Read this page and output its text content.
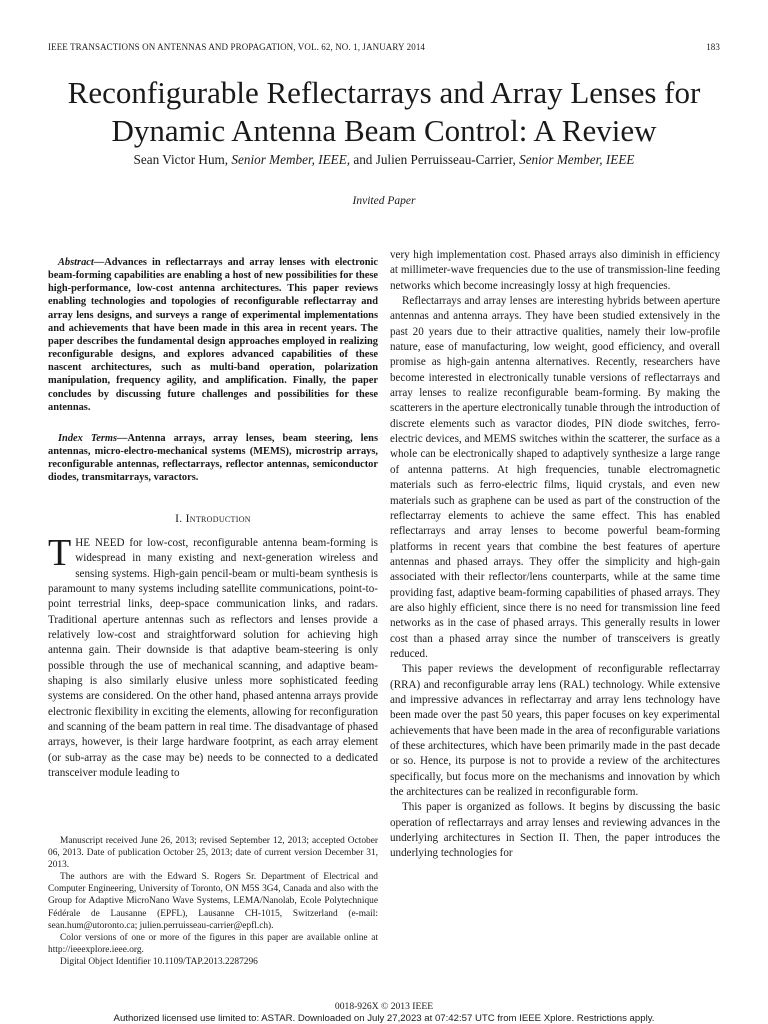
IEEE TRANSACTIONS ON ANTENNAS AND PROPAGATION, VOL. 62, NO. 1, JANUARY 2014	183
Reconfigurable Reflectarrays and Array Lenses for
Dynamic Antenna Beam Control: A Review
Sean Victor Hum, Senior Member, IEEE, and Julien Perruisseau-Carrier, Senior Member, IEEE
Invited Paper
Abstract—Advances in reflectarrays and array lenses with electronic beam-forming capabilities are enabling a host of new possibilities for these high-performance, low-cost antenna architectures. This paper reviews enabling technologies and topologies of reconfigurable reflectarray and array lens designs, and surveys a range of experimental implementations and achievements that have been made in this area in recent years. The paper describes the fundamental design approaches employed in realizing reconfigurable designs, and explores advanced capabilities of these nascent architectures, such as multi-band operation, polarization manipulation, frequency agility, and amplification. Finally, the paper concludes by discussing future challenges and possibilities for these antennas.
Index Terms—Antenna arrays, array lenses, beam steering, lens antennas, micro-electro-mechanical systems (MEMS), microstrip arrays, reconfigurable antennas, reflectarrays, reflector antennas, semiconductor diodes, transmitarrays, varactors.
I. Introduction

THE NEED for low-cost, reconfigurable antenna beam-forming is widespread in many existing and next-generation wireless and sensing systems. High-gain pencil-beam or multi-beam synthesis is paramount to many systems including satellite communications, point-to-point terrestrial links, deep-space communication links, and radars. Traditional aperture antennas such as reflectors and lenses provide a relatively low-cost and straightforward solution for achieving high antenna gain. Their downside is that adaptive beam-steering is only possible through the use of mechanical scanning, and adaptive beam-shaping is also similarly elusive unless more sophisticated feeding systems are considered. On the other hand, phased antenna arrays provide electronic flexibility in exciting the elements, allowing for reconfiguration and scanning of the beam pattern in real time. The disadvantage of phased arrays, however, is their large hardware footprint, as each array element (or sub-array as the case may be) needs to be connected to a dedicated transceiver module leading to

Manuscript received June 26, 2013; revised September 12, 2013; accepted October 06, 2013. Date of publication October 25, 2013; date of current version December 31, 2013.

The authors are with the Edward S. Rogers Sr. Department of Electrical and Computer Engineering, University of Toronto, ON M5S 3G4, Canada and also with the Group for Adaptive MicroNano Wave Systems, LEMA/Nanolab, Ecole Polytechnique Fédérale de Lausanne (EPFL), Lausanne CH-1015, Switzerland (e-mail: sean.hum@utoronto.ca; julien.perruisseau-carrier@epfl.ch).

Color versions of one or more of the figures in this paper are available online at http://ieeexplore.ieee.org.

Digital Object Identifier 10.1109/TAP.2013.2287296

very high implementation cost. Phased arrays also diminish in efficiency at millimeter-wave frequencies due to the use of transmission-line feeding networks which become increasingly lossy at high frequencies.

Reflectarrays and array lenses are interesting hybrids between aperture antennas and antenna arrays. They have been studied extensively in the past 20 years due to their attractive qualities, namely their low-profile nature, ease of manufacturing, low weight, good efficiency, and overall promise as high-gain antenna alternatives. Recently, researchers have become interested in electronically tunable versions of reflectarrays and array lenses to realize reconfigurable beam-forming. By making the scatterers in the aperture electronically tunable through the introduction of discrete elements such as varactor diodes, PIN diode switches, ferro-electric devices, and MEMS switches within the scatterer, the surface as a whole can be electronically shaped to adaptively synthesize a large range of antenna patterns. At high frequencies, tunable electromagnetic materials such as ferro-electric films, liquid crystals, and even new materials such as graphene can be used as part of the construction of the reflectarray elements to achieve the same effect. This has enabled reflectarrays and array lenses to become powerful beam-forming platforms in recent years that combine the best features of aperture antennas and phased arrays. They offer the simplicity and high-gain associated with their reflector/lens counterparts, while at the same time providing fast, adaptive beam-forming capabilities of phased arrays. They are also highly efficient, since there is no need for transmission line feed networks as in the case of phased arrays. This generally results in lower cost than a phased array since the number of transceivers is greatly reduced.

This paper reviews the development of reconfigurable reflectarray (RRA) and reconfigurable array lens (RAL) technology. While extensive and impressive advances in reflectarray and array lens technology have been made over the past 50 years, this paper focuses on key experimental achievements that have been made in the area of reconfigurable variations of these architectures, which have been primarily made in the past decade or so. Hence, its purpose is not to provide a review of the architectures specifically, but focus more on the mechanisms and innovation by which the architectures can be realized in reconfigurable form.

This paper is organized as follows. It begins by discussing the basic operation of reflectarrays and array lenses and reviewing advances in the underlying architectures in Section II. Then, the paper introduces the underlying technologies for

0018-926X © 2013 IEEE
Authorized licensed use limited to: ASTAR. Downloaded on July 27,2023 at 07:42:57 UTC from IEEE Xplore. Restrictions apply.
